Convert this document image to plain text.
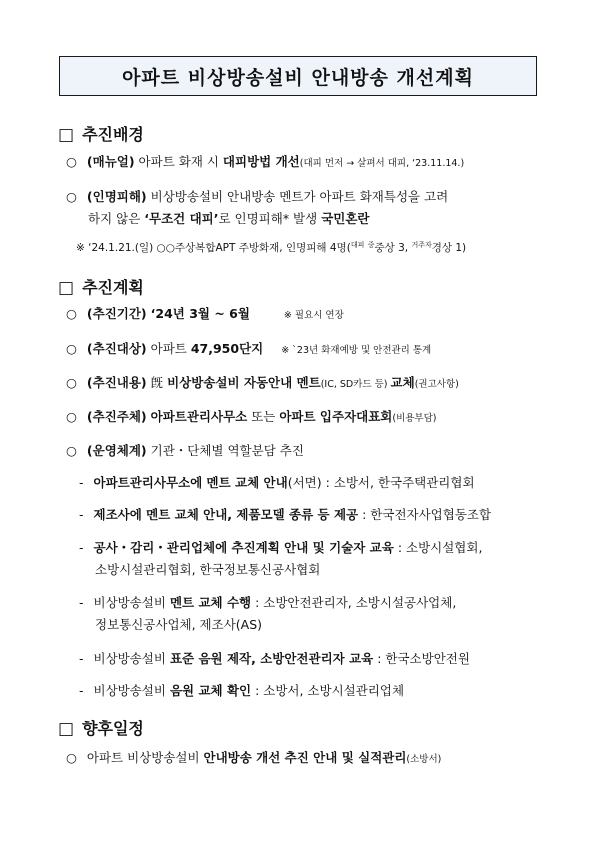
아파트 비상방송설비 안내방송 개선계획
□ 추진배경
○ (매뉴얼) 아파트 화재 시 대피방법 개선(대피 먼저 → 살펴서 대피, ‘23.11.14.)
○ (인명피해) 비상방송설비 안내방송 멘트가 아파트 화재특성을 고려
하지 않은 ‘무조건 대피’로 인명피해* 발생 국민혼란
※ ‘24.1.21.(일) ○○주상복합APT 주방화재, 인명피해 4명($^{대피}$ $^중$중상 3, $^{거주자}$경상 1)
□ 추진계획
○ (추진기간) ‘24년 3월 ~ 6월	※ 필요시 연장
○ (추진대상) 아파트 47,950단지 ※ `23년 화재예방 및 안전관리 통계
○ (추진내용) 旣 비상방송설비 자동안내 멘트(IC, SD카드 등) 교체(권고사항)
○ (추진주체) 아파트관리사무소 또는 아파트 입주자대표회(비용부담)
○ (운영체계) 기관・단체별 역할분담 추진
- 아파트관리사무소에 멘트 교체 안내(서면) : 소방서, 한국주택관리협회
- 제조사에 멘트 교체 안내, 제품모델 종류 등 제공 : 한국전자사업협동조합
- 공사・감리・관리업체에 추진계획 안내 및 기술자 교육 : 소방시설협회,
소방시설관리협회, 한국정보통신공사협회
- 비상방송설비 멘트 교체 수행 : 소방안전관리자, 소방시설공사업체,
정보통신공사업체, 제조사(AS)
- 비상방송설비 표준 음원 제작, 소방안전관리자 교육 : 한국소방안전원
- 비상방송설비 음원 교체 확인 : 소방서, 소방시설관리업체
□ 향후일정
○ 아파트 비상방송설비 안내방송 개선 추진 안내 및 실적관리(소방서)
